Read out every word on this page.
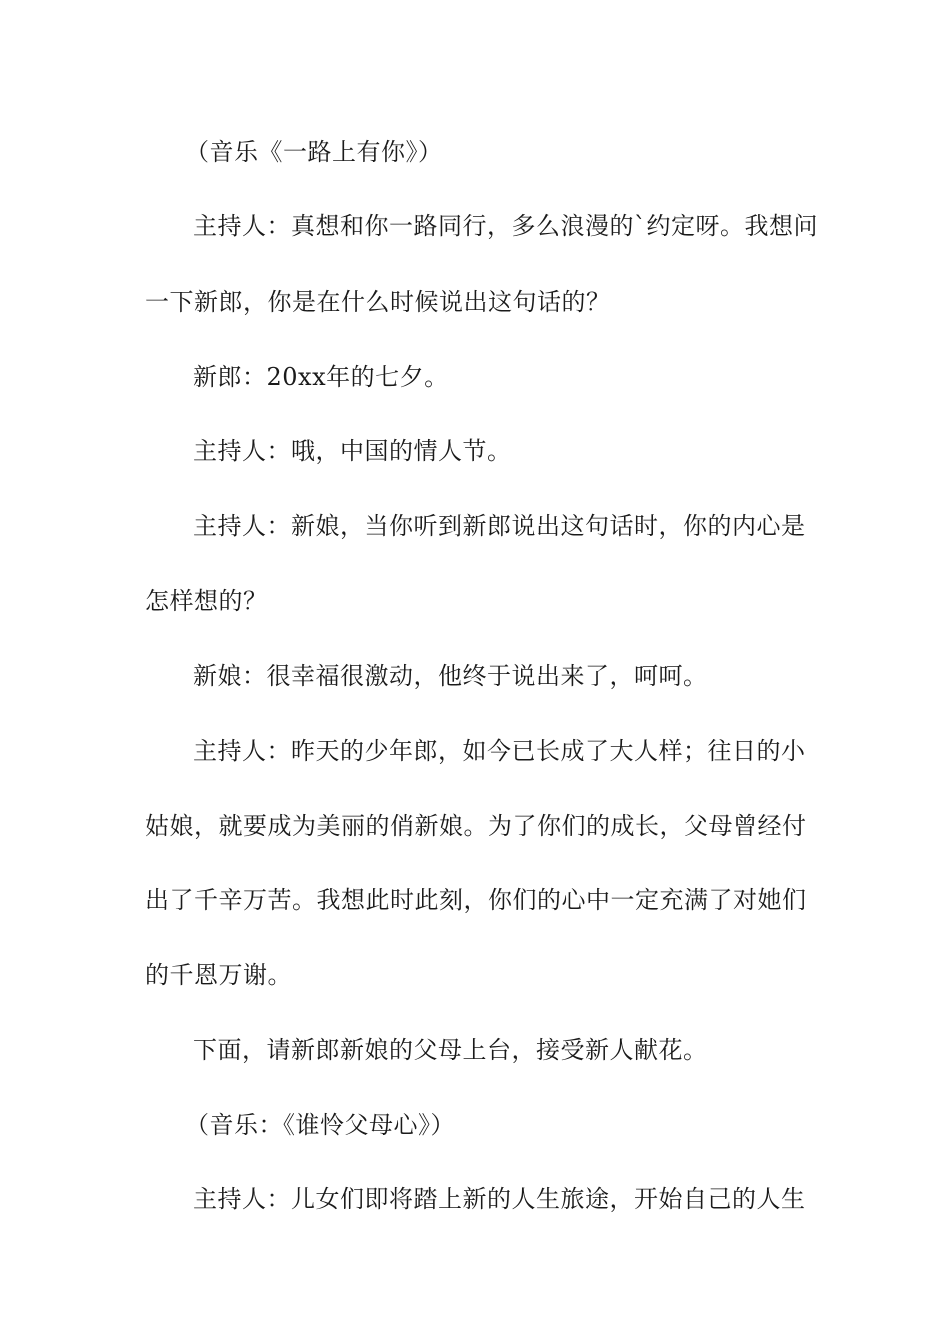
（音乐《一路上有你》）
主持人：真想和你一路同行，多么浪漫的`约定呀。我想问
一下新郎，你是在什么时候说出这句话的？
新郎：20xx年的七夕。
主持人：哦，中国的情人节。
主持人：新娘，当你听到新郎说出这句话时，你的内心是
怎样想的？
新娘：很幸福很激动，他终于说出来了，呵呵。
主持人：昨天的少年郎，如今已长成了大人样；往日的小
姑娘，就要成为美丽的俏新娘。为了你们的成长，父母曾经付
出了千辛万苦。我想此时此刻，你们的心中一定充满了对她们
的千恩万谢。
下面，请新郎新娘的父母上台，接受新人献花。
（音乐：《谁怜父母心》）
主持人：儿女们即将踏上新的人生旅途，开始自己的人生
